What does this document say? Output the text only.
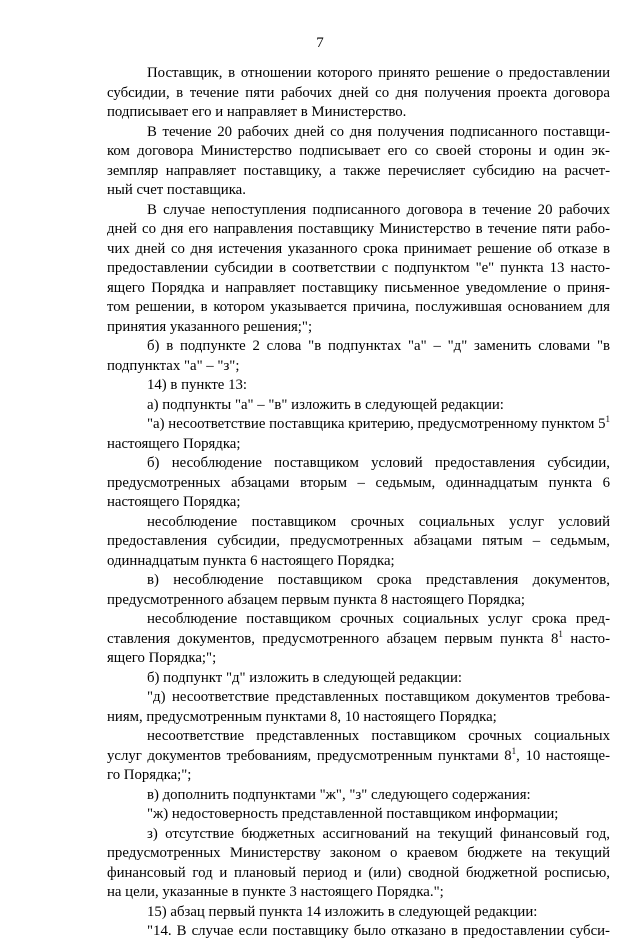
7
Поставщик, в отношении которого принято решение о предоставлении
субсидии, в течение пяти рабочих дней со дня получения проекта договора
подписывает его и направляет в Министерство.
В течение 20 рабочих дней со дня получения подписанного поставщи-
ком договора Министерство подписывает его со своей стороны и один эк-
земпляр направляет поставщику, а также перечисляет субсидию на расчет-
ный счет поставщика.
В случае непоступления подписанного договора в течение 20 рабочих
дней со дня его направления поставщику Министерство в течение пяти рабо-
чих дней со дня истечения указанного срока принимает решение об отказе в
предоставлении субсидии в соответствии с подпунктом "е" пункта 13 насто-
ящего Порядка и направляет поставщику письменное уведомление о приня-
том решении, в котором указывается причина, послужившая основанием для
принятия указанного решения;";
б) в подпункте 2 слова "в подпунктах "а" – "д" заменить словами "в
подпунктах "а" – "з";
14) в пункте 13:
а) подпункты "а" – "в" изложить в следующей редакции:
"а) несоответствие поставщика критерию, предусмотренному пунктом $5^1$
настоящего Порядка;
б) несоблюдение поставщиком условий предоставления субсидии,
предусмотренных абзацами вторым – седьмым, одиннадцатым пункта 6
настоящего Порядка;
несоблюдение поставщиком срочных социальных услуг условий
предоставления субсидии, предусмотренных абзацами пятым – седьмым,
одиннадцатым пункта 6 настоящего Порядка;
в) несоблюдение поставщиком срока представления документов,
предусмотренного абзацем первым пункта 8 настоящего Порядка;
несоблюдение поставщиком срочных социальных услуг срока пред-
ставления документов, предусмотренного абзацем первым пункта $8^1$ насто-
ящего Порядка;";
б) подпункт "д" изложить в следующей редакции:
"д) несоответствие представленных поставщиком документов требова-
ниям, предусмотренным пунктами 8, 10 настоящего Порядка;
несоответствие представленных поставщиком срочных социальных
услуг документов требованиям, предусмотренным пунктами $8^1$, 10 настояще-
го Порядка;";
в) дополнить подпунктами "ж", "з" следующего содержания:
"ж) недостоверность представленной поставщиком информации;
з) отсутствие бюджетных ассигнований на текущий финансовый год,
предусмотренных Министерству законом о краевом бюджете на текущий
финансовый год и плановый период и (или) сводной бюджетной росписью,
на цели, указанные в пункте 3 настоящего Порядка.";
15) абзац первый пункта 14 изложить в следующей редакции:
"14. В случае если поставщику было отказано в предоставлении субси-
